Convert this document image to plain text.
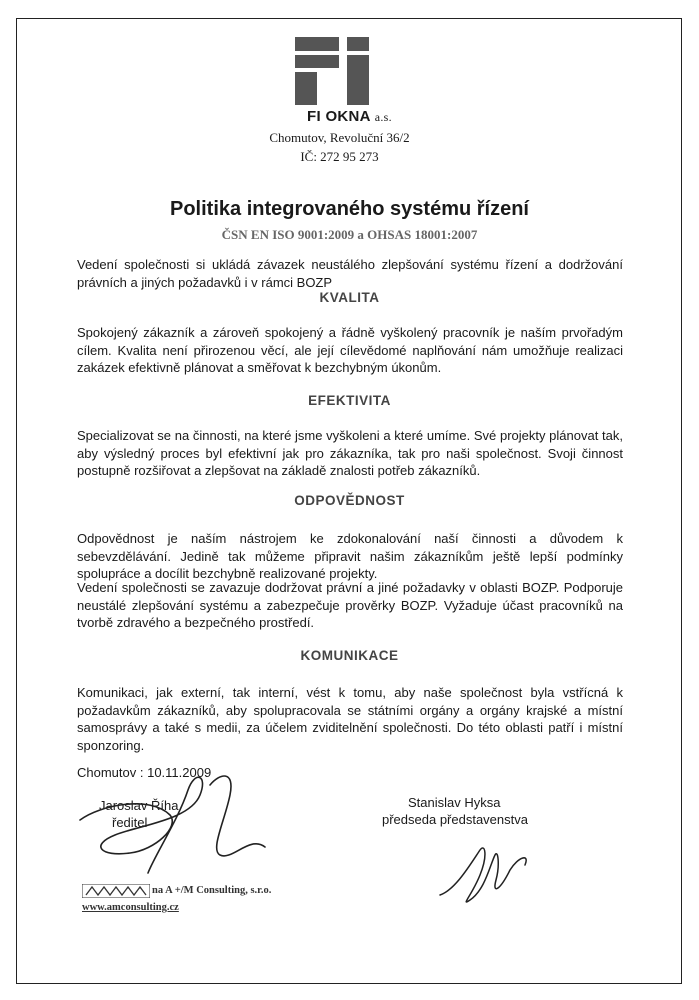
FI OKNA a.s.
Chomutov, Revoluční 36/2
IČ: 272 95 273
Politika integrovaného systému řízení
ČSN EN ISO 9001:2009 a OHSAS 18001:2007

Vedení společnosti si ukládá závazek neustálého zlepšování systému řízení a dodržování právních a jiných požadavků i v rámci BOZP

KVALITA

Spokojený zákazník a zároveň spokojený a řádně vyškolený pracovník je naším prvořadým cílem. Kvalita není přirozenou věcí, ale její cílevědomé naplňování nám umožňuje realizaci zakázek efektivně plánovat a směřovat k bezchybným úkonům.

EFEKTIVITA

Specializovat se na činnosti, na které jsme vyškoleni a které umíme. Své projekty plánovat tak, aby výsledný proces byl efektivní jak pro zákazníka, tak pro naši společnost. Svoji činnost postupně rozšiřovat a zlepšovat na základě znalosti potřeb zákazníků.

ODPOVĚDNOST

Odpovědnost je naším nástrojem ke zdokonalování naší činnosti a důvodem k sebevzdělávání. Jedině tak můžeme připravit našim zákazníkům ještě lepší podmínky spolupráce a docílit bezchybně realizované projekty.

Vedení společnosti se zavazuje dodržovat právní a jiné požadavky v oblasti BOZP. Podporuje neustálé zlepšování systému a zabezpečuje prověrky BOZP. Vyžaduje účast pracovníků na tvorbě zdravého a bezpečného prostředí.

KOMUNIKACE

Komunikaci, jak externí, tak interní, vést k tomu, aby naše společnost byla vstřícná k požadavkům zákazníků, aby spolupracovala se státními orgány a orgány krajské a místní samosprávy a také s medii, za účelem zviditelnění společnosti. Do této oblasti patří i místní sponzoring.

Chomutov : 10.11.2009
Jaroslav Říha
ředitel
Stanislav Hyksa
předseda představenstva
na A +/M Consulting, s.r.o.
www.amconsulting.cz
